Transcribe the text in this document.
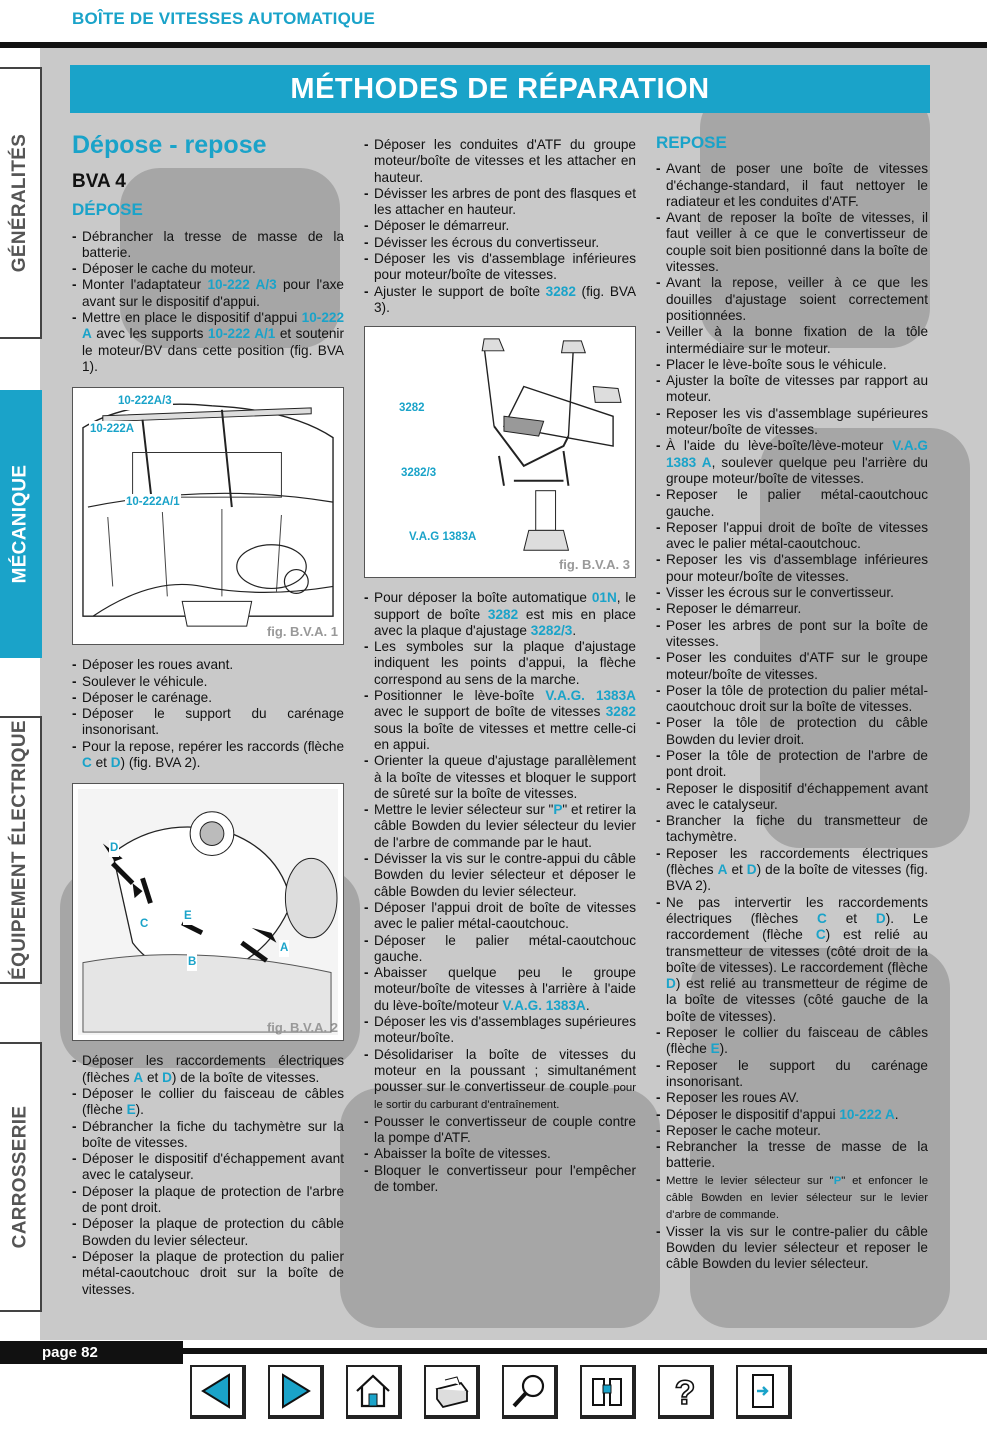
BOÎTE DE VITESSES AUTOMATIQUE
MÉTHODES DE RÉPARATION
GÉNÉRALITÉS
MÉCANIQUE
ÉQUIPEMENT ÉLECTRIQUE
CARROSSERIE
Dépose - repose
BVA 4
DÉPOSE
- Débrancher la tresse de masse de la batterie.
- Déposer le cache du moteur.
- Monter l'adaptateur 10-222 A/3 pour l'axe avant sur le dispositif d'appui.
- Mettre en place le dispositif d'appui 10-222 A avec les supports 10-222 A/1 et soutenir le moteur/BV dans cette position (fig. BVA 1).
10-222A/3
10-222A
10-222A/1
fig. B.V.A. 1
- Déposer les roues avant.
- Soulever le véhicule.
- Déposer le carénage.
- Déposer le support du carénage insonorisant.
- Pour la repose, repérer les raccords (flèche C et D) (fig. BVA 2).
D
C
E
B
A
fig. B.V.A. 2
- Déposer les raccordements électriques (flèches A et D) de la boîte de vitesses.
- Déposer le collier du faisceau de câbles (flèche E).
- Débrancher la fiche du tachymètre sur la boîte de vitesses.
- Déposer le dispositif d'échappement avant avec le catalyseur.
- Déposer la plaque de protection de l'arbre de pont droit.
- Déposer la plaque de protection du câble Bowden du levier sélecteur.
- Déposer la plaque de protection du palier métal-caoutchouc droit sur la boîte de vitesses.
- Déposer les conduites d'ATF du groupe moteur/boîte de vitesses et les attacher en hauteur.
- Dévisser les arbres de pont des flasques et les attacher en hauteur.
- Déposer le démarreur.
- Dévisser les écrous du convertisseur.
- Déposer les vis d'assemblage inférieures pour moteur/boîte de vitesses.
- Ajuster le support de boîte 3282 (fig. BVA 3).
3282
3282/3
V.A.G 1383A
fig. B.V.A. 3
- Pour déposer la boîte automatique 01N, le support de boîte 3282 est mis en place avec la plaque d'ajustage 3282/3.
- Les symboles sur la plaque d'ajustage indiquent les points d'appui, la flèche correspond au sens de la marche.
- Positionner le lève-boîte V.A.G. 1383A avec le support de boîte de vitesses 3282 sous la boîte de vitesses et mettre celle-ci en appui.
- Orienter la queue d'ajustage parallèlement à la boîte de vitesses et bloquer le support de sûreté sur la boîte de vitesses.
- Mettre le levier sélecteur sur "P" et retirer la câble Bowden du levier sélecteur du levier de l'arbre de commande par le haut.
- Dévisser la vis sur le contre-appui du câble Bowden du levier sélecteur et déposer le câble Bowden du levier sélecteur.
- Déposer l'appui droit de boîte de vitesses avec le palier métal-caoutchouc.
- Déposer le palier métal-caoutchouc gauche.
- Abaisser quelque peu le groupe moteur/boîte de vitesses à l'arrière à l'aide du lève-boîte/moteur V.A.G. 1383A.
- Déposer les vis d'assemblages supérieures moteur/boîte.
- Désolidariser la boîte de vitesses du moteur en la poussant ; simultanément pousser sur le convertisseur de couple pour le sortir du carburant d'entraînement.
- Pousser le convertisseur de couple contre la pompe d'ATF.
- Abaisser la boîte de vitesses.
- Bloquer le convertisseur pour l'empêcher de tomber.
REPOSE
- Avant de poser une boîte de vitesses d'échange-standard, il faut nettoyer le radiateur et les conduites d'ATF.
- Avant de reposer la boîte de vitesses, il faut veiller à ce que le convertisseur de couple soit bien positionné dans la boîte de vitesses.
- Avant la repose, veiller à ce que les douilles d'ajustage soient correctement positionnées.
- Veiller à la bonne fixation de la tôle intermédiaire sur le moteur.
- Placer le lève-boîte sous le véhicule.
- Ajuster la boîte de vitesses par rapport au moteur.
- Reposer les vis d'assemblage supérieures moteur/boîte de vitesses.
- À l'aide du lève-boîte/lève-moteur V.A.G 1383 A, soulever quelque peu l'arrière du groupe moteur/boîte de vitesses.
- Reposer le palier métal-caoutchouc gauche.
- Reposer l'appui droit de boîte de vitesses avec le palier métal-caoutchouc.
- Reposer les vis d'assemblage inférieures pour moteur/boîte de vitesses.
- Visser les écrous sur le convertisseur.
- Reposer le démarreur.
- Poser les arbres de pont sur la boîte de vitesses.
- Poser les conduites d'ATF sur le groupe moteur/boîte de vitesses.
- Poser la tôle de protection du palier métal-caoutchouc droit sur la boîte de vitesses.
- Poser la tôle de protection du câble Bowden du levier droit.
- Poser la tôle de protection de l'arbre de pont droit.
- Reposer le dispositif d'échappement avant avec le catalyseur.
- Brancher la fiche du transmetteur de tachymètre.
- Reposer les raccordements électriques (flèches A et D) de la boîte de vitesses (fig. BVA 2).
- Ne pas intervertir les raccordements électriques (flèches C et D). Le raccordement (flèche C) est relié au transmetteur de vitesses (côté droit de la boîte de vitesses). Le raccordement (flèche D) est relié au transmetteur de régime de la boîte de vitesses (côté gauche de la boîte de vitesses).
- Reposer le collier du faisceau de câbles (flèche E).
- Reposer le support du carénage insonorisant.
- Reposer les roues AV.
- Déposer le dispositif d'appui 10-222 A.
- Reposer le cache moteur.
- Rebrancher la tresse de masse de la batterie.
- Mettre le levier sélecteur sur "P" et enfoncer le câble Bowden en levier sélecteur sur le levier d'arbre de commande.
- Visser la vis sur le contre-palier du câble Bowden du levier sélecteur et reposer le câble Bowden du levier sélecteur.
page 82
?
